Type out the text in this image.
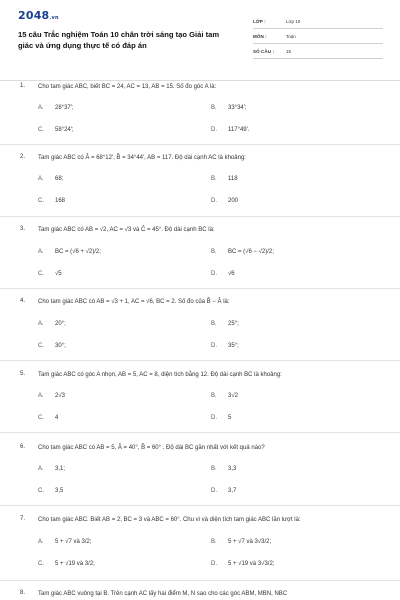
2048.vn
15 câu Trắc nghiệm Toán 10 chân trời sáng tạo Giải tam giác và ứng dụng thực tế có đáp án
LỚP :	Lớp 10
MÔN :	Toán
SỐ CÂU :	15
1. Cho tam giác ABC, biết BC = 24, AC = 13, AB = 15. Số đo góc A là:
A. 28°37';	B. 33°34';
C. 58°24';	D. 117°49'.
2. Tam giác ABC có Â = 68°12', B̂ = 34°44', AB = 117. Độ dài cạnh AC là khoảng:
A. 68;	B. 118
C. 168	D. 200
3. Tam giác ABC có AB = √2, AC = √3 và Ĉ = 45°. Độ dài cạnh BC là:
A. BC = (√6 + √2)/2;	B. BC = (√6 − √2)/2;
C. √5	D. √6
4. Cho tam giác ABC có AB = √3 + 1, AC = √6, BC = 2. Số đo của B̂ − Â là:
A. 20°;	B. 25°;
C. 30°;	D. 35°;
5. Tam giác ABC có góc A nhọn, AB = 5, AC = 8, diện tích bằng 12. Độ dài cạnh BC là khoảng:
A. 2√3	B. 3√2
C. 4	D. 5
6. Cho tam giác ABC có AB = 5, Â = 40°, B̂ = 60° . Độ dài BC gần nhất với kết quả nào?
A. 3,1;	B. 3,3
C. 3,5	D. 3,7
7. Cho tam giác ABC. Biết AB = 2, BC = 3 và ABC = 60°. Chu vi và diện tích tam giác ABC lần lượt là:
A. 5 + √7 và 3/2;	B. 5 + √7 và 3√3/2;
C. 5 + √19 và 3/2;	D. 5 + √19 và 3√3/2;
8. Tam giác ABC vuông tại B. Trên cạnh AC lấy hai điểm M, N sao cho các góc ABM, MBN, NBC
